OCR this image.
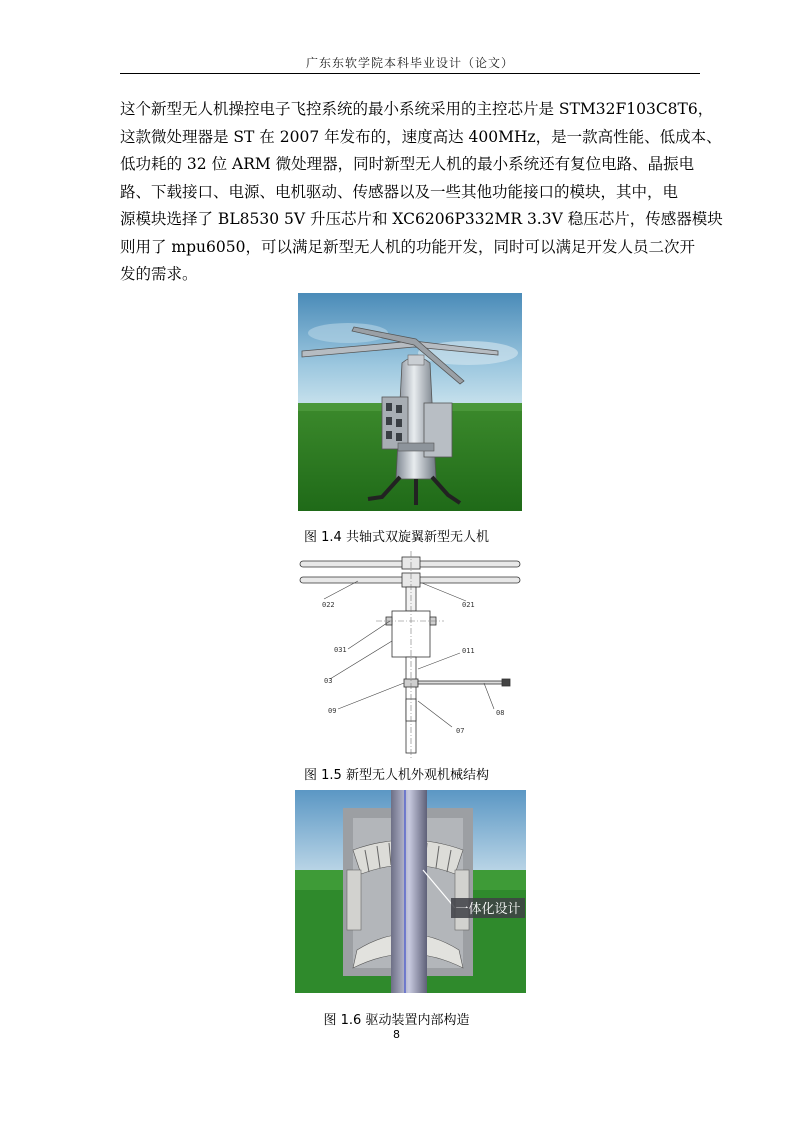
广东东软学院本科毕业设计（论文）
这个新型无人机操控电子飞控系统的最小系统采用的主控芯片是 STM32F103C8T6，
这款微处理器是 ST 在 2007 年发布的，速度高达 400MHz，是一款高性能、低成本、
低功耗的 32 位 ARM 微处理器，同时新型无人机的最小系统还有复位电路、晶振电
路、下载接口、电源、电机驱动、传感器以及一些其他功能接口的模块，其中，电
源模块选择了 BL8530 5V 升压芯片和 XC6206P332MR 3.3V 稳压芯片，传感器模块
则用了 mpu6050，可以满足新型无人机的功能开发，同时可以满足开发人员二次开
发的需求。
图 1.4 共轴式双旋翼新型无人机
022	021
031	011
03
09	08
07
图 1.5 新型无人机外观机械结构
一体化设计
图 1.6 驱动装置内部构造
8
